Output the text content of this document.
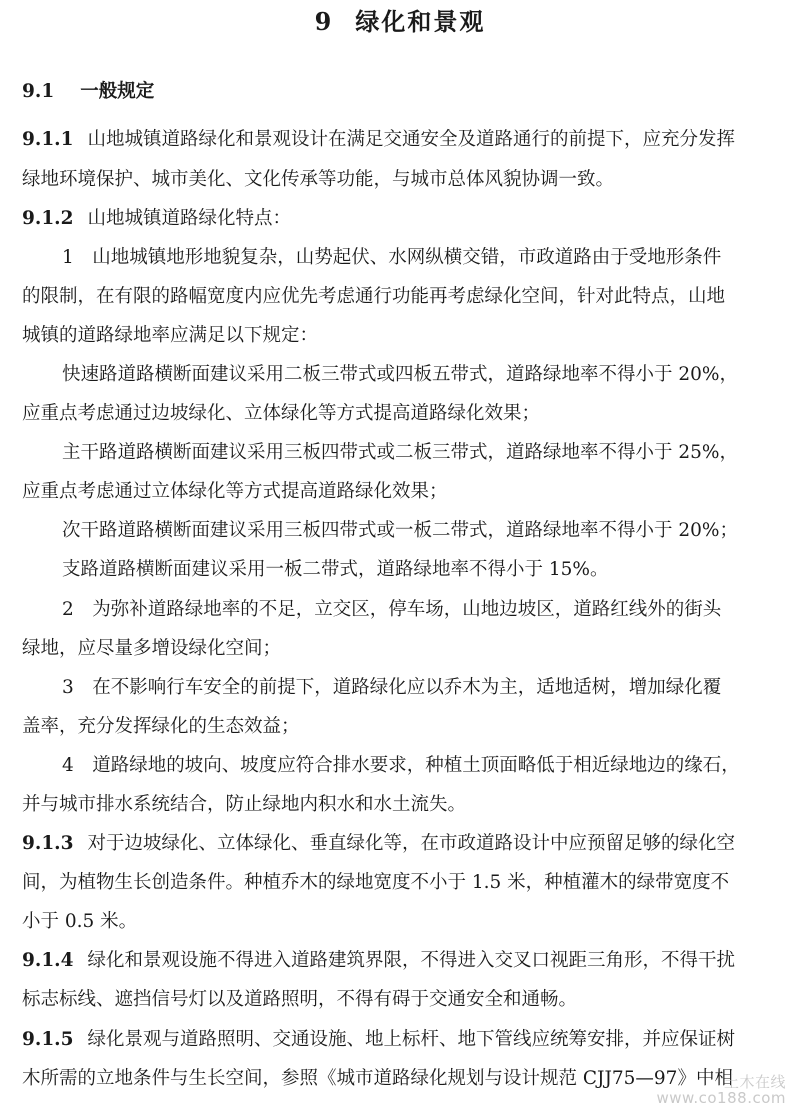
9 绿化和景观
9.1 一般规定
9.1.1 山地城镇道路绿化和景观设计在满足交通安全及道路通行的前提下，应充分发挥
绿地环境保护、城市美化、文化传承等功能，与城市总体风貌协调一致。
9.1.2 山地城镇道路绿化特点：
1　山地城镇地形地貌复杂，山势起伏、水网纵横交错，市政道路由于受地形条件
的限制，在有限的路幅宽度内应优先考虑通行功能再考虑绿化空间，针对此特点，山地
城镇的道路绿地率应满足以下规定：
快速路道路横断面建议采用二板三带式或四板五带式，道路绿地率不得小于 20%，
应重点考虑通过边坡绿化、立体绿化等方式提高道路绿化效果；
主干路道路横断面建议采用三板四带式或二板三带式，道路绿地率不得小于 25%，
应重点考虑通过立体绿化等方式提高道路绿化效果；
次干路道路横断面建议采用三板四带式或一板二带式，道路绿地率不得小于 20%；
支路道路横断面建议采用一板二带式，道路绿地率不得小于 15%。
2　为弥补道路绿地率的不足，立交区，停车场，山地边坡区，道路红线外的街头
绿地，应尽量多增设绿化空间；
3　在不影响行车安全的前提下，道路绿化应以乔木为主，适地适树，增加绿化覆
盖率，充分发挥绿化的生态效益；
4　道路绿地的坡向、坡度应符合排水要求，种植土顶面略低于相近绿地边的缘石，
并与城市排水系统结合，防止绿地内积水和水土流失。
9.1.3 对于边坡绿化、立体绿化、垂直绿化等，在市政道路设计中应预留足够的绿化空
间，为植物生长创造条件。种植乔木的绿地宽度不小于 1.5 米，种植灌木的绿带宽度不
小于 0.5 米。
9.1.4 绿化和景观设施不得进入道路建筑界限，不得进入交叉口视距三角形，不得干扰
标志标线、遮挡信号灯以及道路照明，不得有碍于交通安全和通畅。
9.1.5 绿化景观与道路照明、交通设施、地上标杆、地下管线应统筹安排，并应保证树
木所需的立地条件与生长空间，参照《城市道路绿化规划与设计规范 CJJ75—97》中相
土木在线
www.co188.com
